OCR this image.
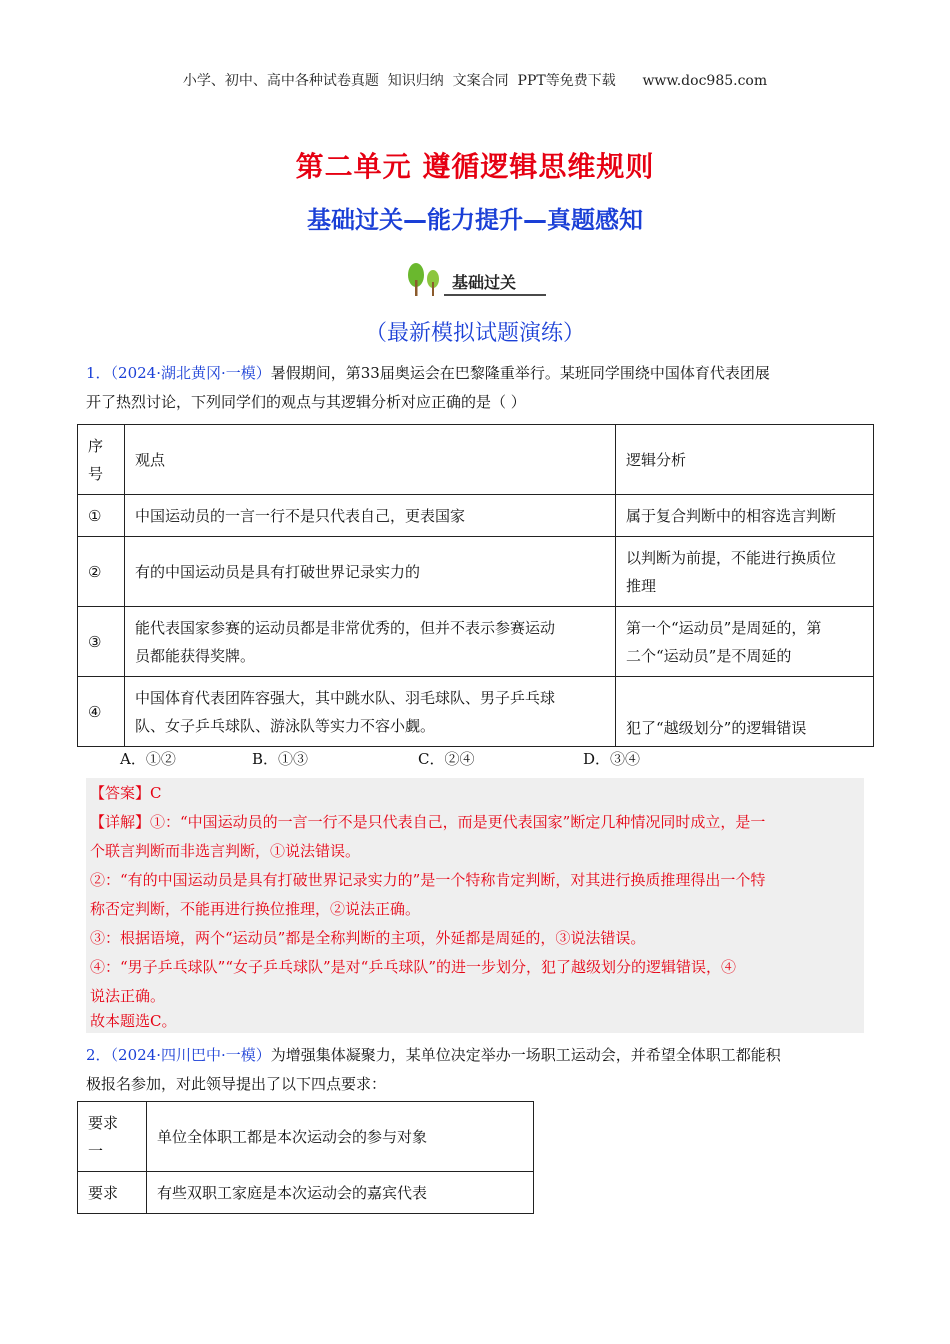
小学、初中、高中各种试卷真题  知识归纳  文案合同  PPT等免费下载      www.doc985.com
第二单元 遵循逻辑思维规则
基础过关—能力提升—真题感知
基础过关
（最新模拟试题演练）
1．（2024·湖北黄冈·一模）暑假期间，第33届奥运会在巴黎隆重举行。某班同学围绕中国体育代表团展
开了热烈讨论，下列同学们的观点与其逻辑分析对应正确的是（ ）
序
号	观点	逻辑分析
①	中国运动员的一言一行不是只代表自己，更表国家	属于复合判断中的相容选言判断
②	有的中国运动员是具有打破世界记录实力的	以判断为前提，不能进行换质位
推理
③	能代表国家参赛的运动员都是非常优秀的，但并不表示参赛运动
员都能获得奖牌。	第一个“运动员”是周延的，第
二个“运动员”是不周延的
④	中国体育代表团阵容强大，其中跳水队、羽毛球队、男子乒乓球
队、女子乒乓球队、游泳队等实力不容小觑。	犯了“越级划分”的逻辑错误
A．①②	B．①③	C．②④	D．③④
【答案】C
【详解】①：“中国运动员的一言一行不是只代表自己，而是更代表国家”断定几种情况同时成立，是一
个联言判断而非选言判断，①说法错误。
②：“有的中国运动员是具有打破世界记录实力的”是一个特称肯定判断，对其进行换质推理得出一个特
称否定判断，不能再进行换位推理，②说法正确。
③：根据语境，两个“运动员”都是全称判断的主项，外延都是周延的，③说法错误。
④：“男子乒乓球队”“女子乒乓球队”是对“乒乓球队”的进一步划分，犯了越级划分的逻辑错误，④
说法正确。
故本题选C。
2．（2024·四川巴中·一模）为增强集体凝聚力，某单位决定举办一场职工运动会，并希望全体职工都能积
极报名参加，对此领导提出了以下四点要求：
要求
一	单位全体职工都是本次运动会的参与对象
要求	有些双职工家庭是本次运动会的嘉宾代表
